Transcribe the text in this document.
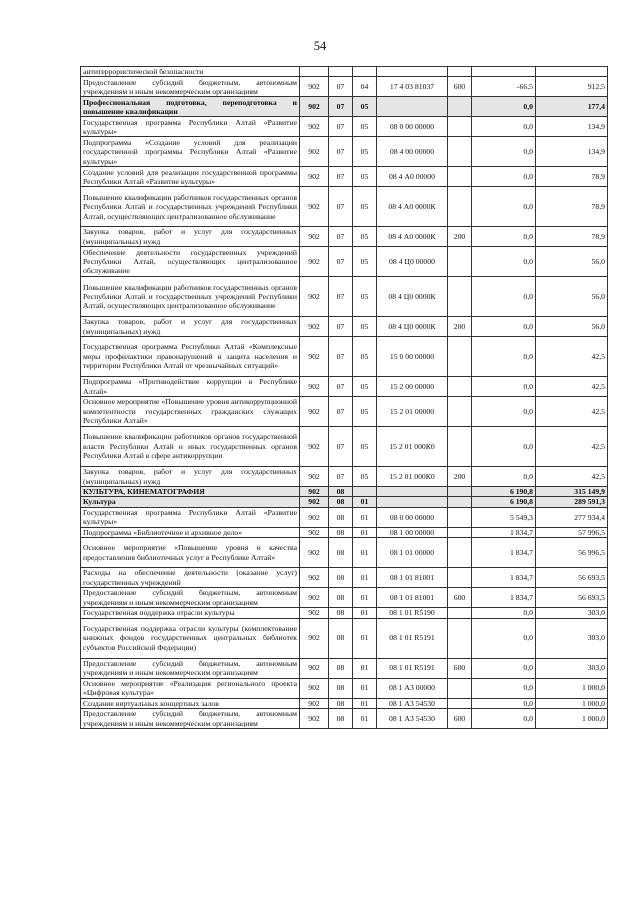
54
антитеррористической безопасности							
Предоставление субсидий бюджетным, автономным учреждениям и иным некоммерческим организациям	902	07	04	17 4 03 81037	600	-66,5	912,5
Профессиональная подготовка, переподготовка и повышение квалификации	902	07	05			0,0	177,4
Государственная программа Республики Алтай «Развитие культуры»	902	07	05	08 0 00 00000		0,0	134,9
Подпрограмма «Создание условий для реализации государственной программы Республики Алтай «Развитие культуры»	902	07	05	08 4 00 00000		0,0	134,9
Создание условий для реализации государственной программы Республики Алтай «Развитие культуры»	902	07	05	08 4 А0 00000		0,0	78,9
Повышение квалификации работников государственных органов Республики Алтай и государственных учреждений Республики Алтай, осуществляющих централизованное обслуживание	902	07	05	08 4 А0 0000К		0,0	78,9
Закупка товаров, работ и услуг для государственных (муниципальных) нужд	902	07	05	08 4 А0 0000К	200	0,0	78,9
Обеспечение деятельности государственных учреждений Республики Алтай, осуществляющих централизованное обслуживание	902	07	05	08 4 Ц0 00000		0,0	56,0
Повышение квалификации работников государственных органов Республики Алтай и государственных учреждений Республики Алтай, осуществляющих централизованное обслуживание	902	07	05	08 4 Ц0 0000К		0,0	56,0
Закупка товаров, работ и услуг для государственных (муниципальных) нужд	902	07	05	08 4 Ц0 0000К	200	0,0	56,0
Государственная программа Республики Алтай «Комплексные меры профилактики правонарушений и защита населения и территории Республики Алтай от чрезвычайных ситуаций»	902	07	05	15 0 00 00000		0,0	42,5
Подпрограмма «Противодействие коррупции в Республике Алтай»	902	07	05	15 2 00 00000		0,0	42,5
Основное мероприятие «Повышение уровня антикоррупционной компетентности государственных гражданских служащих Республики Алтай»	902	07	05	15 2 01 00000		0,0	42,5
Повышение квалификации работников органов государственной власти Республики Алтай и иных государственных органов Республики Алтай в сфере антикоррупции	902	07	05	15 2 01 000К0		0,0	42,5
Закупка товаров, работ и услуг для государственных (муниципальных) нужд	902	07	05	15 2 01 000К0	200	0,0	42,5
КУЛЬТУРА, КИНЕМАТОГРАФИЯ	902	08				6 190,8	315 149,9
Культура	902	08	01			6 190,8	289 591,3
Государственная программа Республики Алтай «Развитие культуры»	902	08	01	08 0 00 00000		5 549,3	277 934,4
Подпрограмма «Библиотечное и архивное дело»	902	08	01	08 1 00 00000		1 834,7	57 996,5
Основное мероприятие «Повышение уровня и качества предоставления библиотечных услуг в Республике Алтай»	902	08	01	08 1 01 00000		1 834,7	56 996,5
Расходы на обеспечение деятельности (оказание услуг) государственных учреждений	902	08	01	08 1 01 81001		1 834,7	56 693,5
Предоставление субсидий бюджетным, автономным учреждениям и иным некоммерческим организациям	902	08	01	08 1 01 81001	600	1 834,7	56 693,5
Государственная поддержка отрасли культуры	902	08	01	08 1 01 R5190		0,0	303,0
Государственная поддержка отрасли культуры (комплектование книжных фондов государственных центральных библиотек субъектов Российской Федерации)	902	08	01	08 1 01 R5191		0,0	303,0
Предоставление субсидий бюджетным, автономным учреждениям и иным некоммерческим организациям	902	08	01	08 1 01 R5191	600	0,0	303,0
Основное мероприятие «Реализация регионального проекта «Цифровая культура»	902	08	01	08 1 А3 00000		0,0	1 000,0
Создание виртуальных концертных залов	902	08	01	08 1 А3 54530		0,0	1 000,0
Предоставление субсидий бюджетным, автономным учреждениям и иным некоммерческим организациям	902	08	01	08 1 А3 54530	600	0,0	1 000,0
